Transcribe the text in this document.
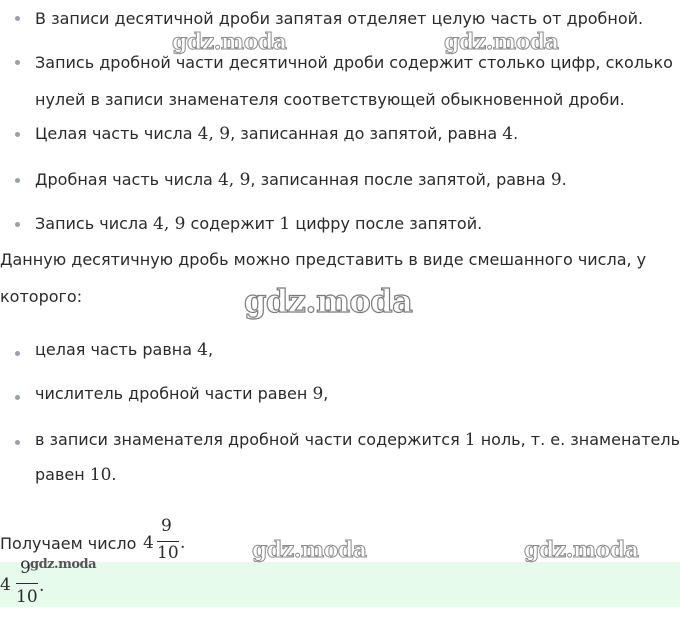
В записи десятичной дроби запятая отделяет целую часть от дробной.
Запись дробной части десятичной дроби содержит столько цифр, сколько
нулей в записи знаменателя соответствующей обыкновенной дроби.
Целая часть числа 4, 9, записанная до запятой, равна 4.
Дробная часть числа 4, 9, записанная после запятой, равна 9.
Запись числа 4, 9 содержит 1 цифру после запятой.
Данную десятичную дробь можно представить в виде смешанного числа, у
которого:
целая часть равна 4,
числитель дробной части равен 9,
в записи знаменателя дробной части содержится 1 ноль, т. е. знаменатель
равен 10.
Получаем число 4
9
10 .
4
9
10
.
gdz.moda	gdz.moda
gdz.moda
gdz.moda	gdz.moda
gdz.moda
